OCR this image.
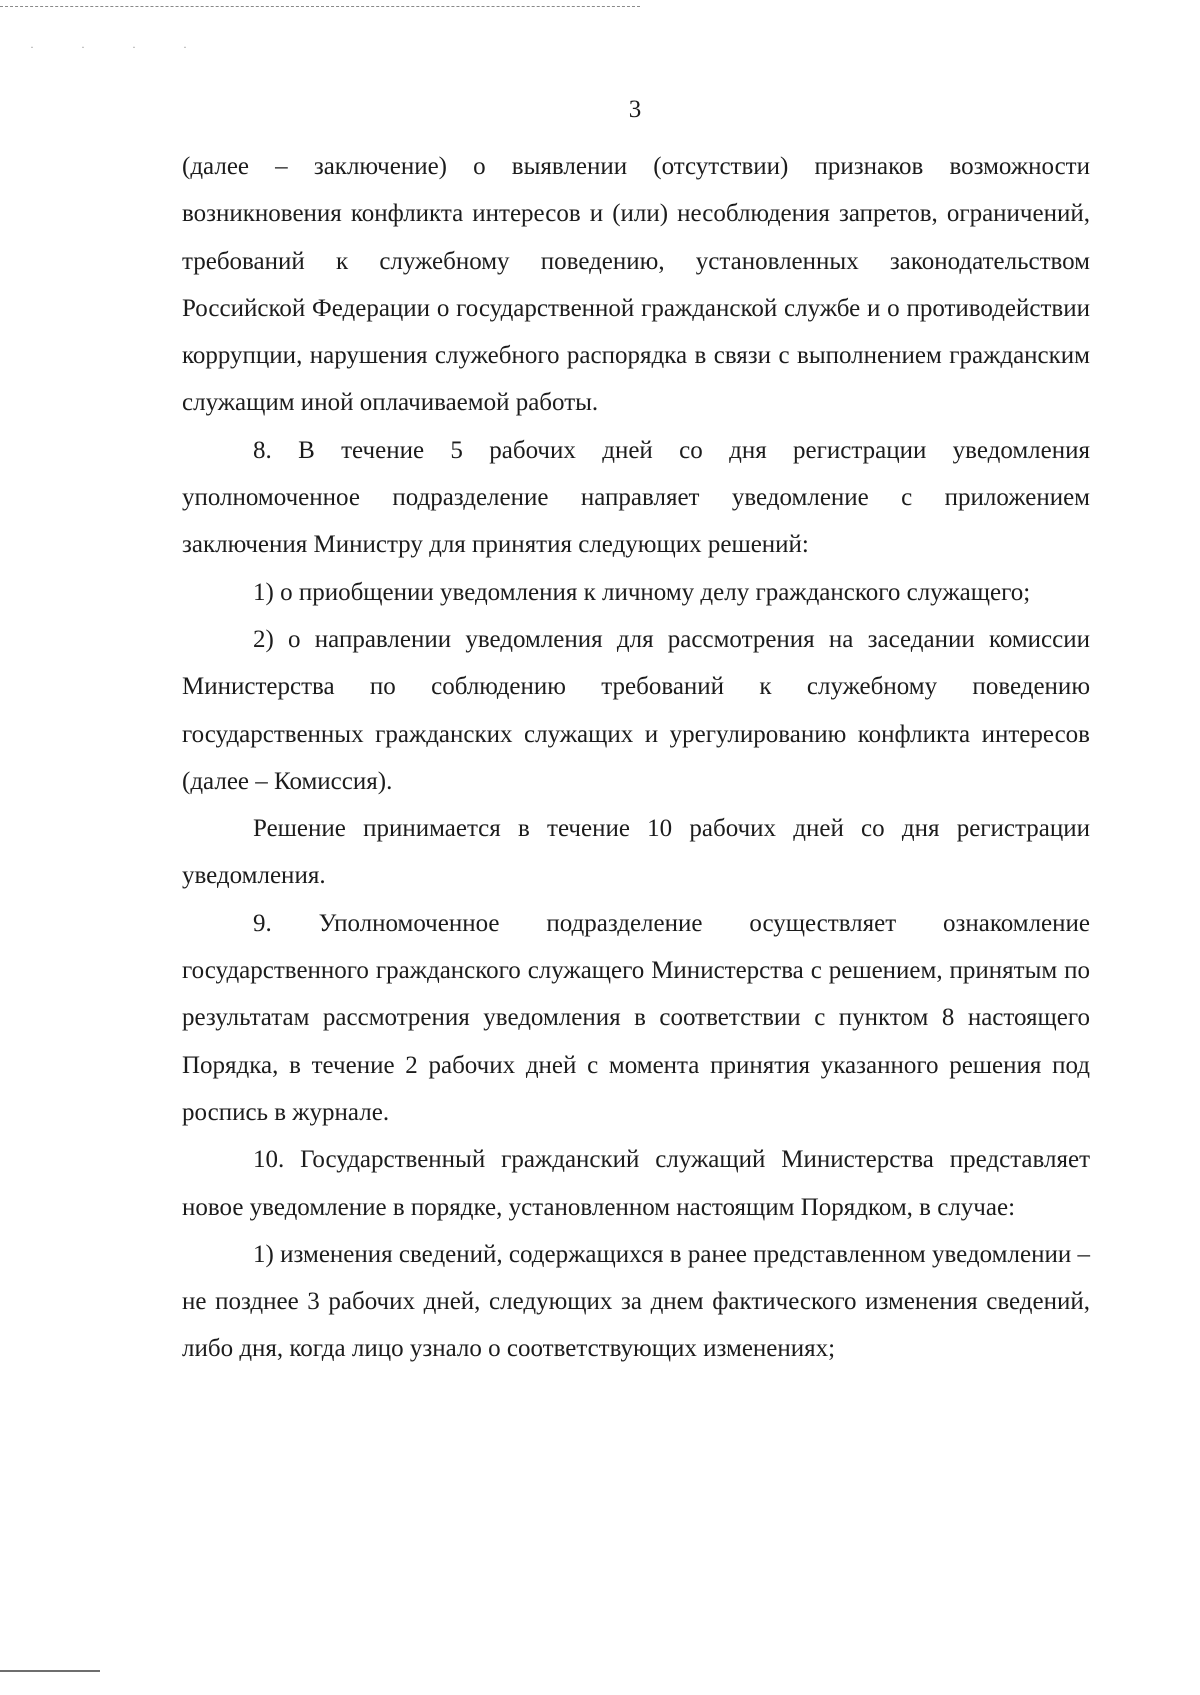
· · · ·
3

(далее – заключение) о выявлении (отсутствии) признаков возможности возникновения конфликта интересов и (или) несоблюдения запретов, ограничений, требований к служебному поведению, установленных законодательством Российской Федерации о государственной гражданской службе и о противодействии коррупции, нарушения служебного распорядка в связи с выполнением гражданским служащим иной оплачиваемой работы.

8. В течение 5 рабочих дней со дня регистрации уведомления уполномоченное подразделение направляет уведомление с приложением заключения Министру для принятия следующих решений:

1) о приобщении уведомления к личному делу гражданского служащего;

2) о направлении уведомления для рассмотрения на заседании комиссии Министерства по соблюдению требований к служебному поведению государственных гражданских служащих и урегулированию конфликта интересов (далее – Комиссия).

Решение принимается в течение 10 рабочих дней со дня регистрации уведомления.

9. Уполномоченное подразделение осуществляет ознакомление государственного гражданского служащего Министерства с решением, принятым по результатам рассмотрения уведомления в соответствии с пунктом 8 настоящего Порядка, в течение 2 рабочих дней с момента принятия указанного решения под роспись в журнале.

10. Государственный гражданский служащий Министерства представляет новое уведомление в порядке, установленном настоящим Порядком, в случае:

1) изменения сведений, содержащихся в ранее представленном уведомлении – не позднее 3 рабочих дней, следующих за днем фактического изменения сведений, либо дня, когда лицо узнало о соответствующих изменениях;
